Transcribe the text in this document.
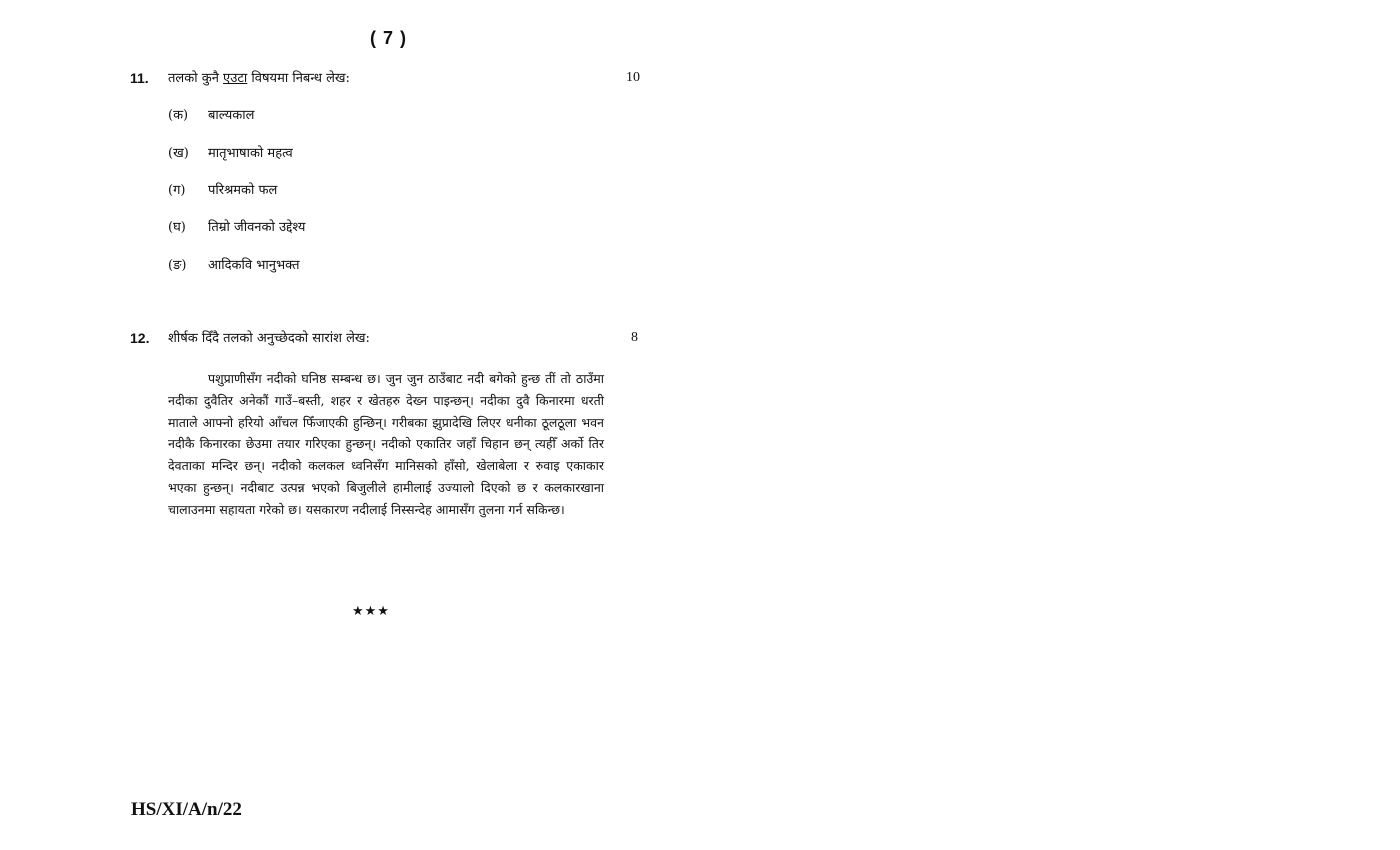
( 7 )
11. तलको कुनै एउटा विषयमा निबन्ध लेख:	10
(क) बाल्यकाल
(ख) मातृभाषाको महत्व
(ग) परिश्रमको फल
(घ) तिम्रो जीवनको उद्देश्य
(ङ) आदिकवि भानुभक्त
12. शीर्षक दिँदै तलको अनुच्छेदको सारांश लेख:	8

पशुप्राणीसँग नदीको घनिष्ठ सम्बन्ध छ। जुन जुन ठाउँबाट नदी बगेको हुन्छ तीं तो ठाउँमा नदीका दुवैतिर अनेकौं गाउँ–बस्ती, शहर र खेतहरु देख्न पाइन्छन्। नदीका दुवै किनारमा धरती माताले आफ्नो हरियो आँचल फिँजाएकी हुन्छिन्। गरीबका झुप्रादेखि लिएर धनीका ठूलठूला भवन नदीकै किनारका छेउमा तयार गरिएका हुन्छन्। नदीको एकातिर जहाँ चिहान छन् त्यहीँ अर्को तिर देवताका मन्दिर छन्। नदीको कलकल ध्वनिसँग मानिसको हाँसो, खेलाबेला र रुवाइ एकाकार भएका हुन्छन्। नदीबाट उत्पन्न भएको बिजुलीले हामीलाई उज्यालो दिएको छ र कलकारखाना चालाउनमा सहायता गरेको छ। यसकारण नदीलाई निस्सन्देह आमासँग तुलना गर्न सकिन्छ।

★★★
HS/XI/A/n/22
